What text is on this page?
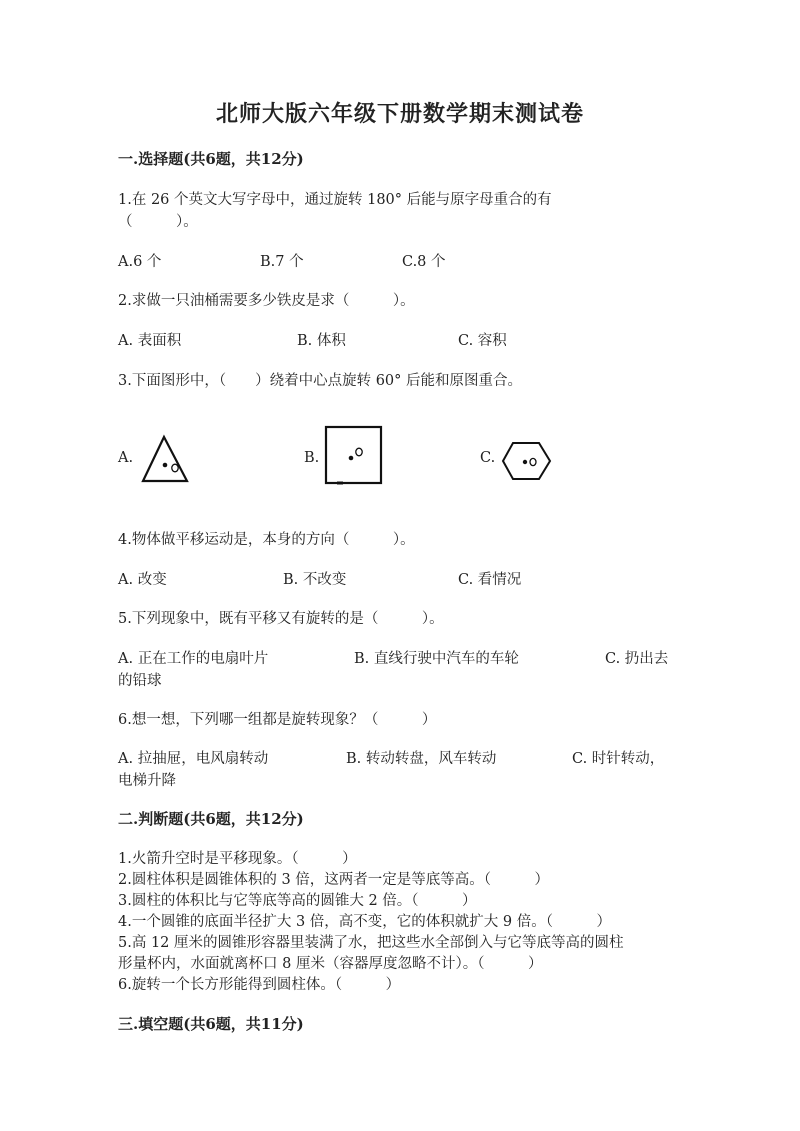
北师大版六年级下册数学期末测试卷
一.选择题(共6题，共12分)
1.在 26 个英文大写字母中，通过旋转 180° 后能与原字母重合的有
（　　　）。
A.6 个	B.7 个	C.8 个
2.求做一只油桶需要多少铁皮是求（　　　）。
A. 表面积	B. 体积	C. 容积
3.下面图形中，（　　）绕着中心点旋转 60° 后能和原图重合。
A.	B.	C.
4.物体做平移运动是，本身的方向（　　　）。
A. 改变	B. 不改变	C. 看情况
5.下列现象中，既有平移又有旋转的是（　　　）。
A. 正在工作的电扇叶片	B. 直线行驶中汽车的车轮	C. 扔出去
的铅球
6.想一想，下列哪一组都是旋转现象？（　　　）
A. 拉抽屉，电风扇转动	B. 转动转盘，风车转动	C. 时针转动，
电梯升降
二.判断题(共6题，共12分)
1.火箭升空时是平移现象。（　　　）
2.圆柱体积是圆锥体积的 3 倍，这两者一定是等底等高。（　　　）
3.圆柱的体积比与它等底等高的圆锥大 2 倍。（　　　）
4.一个圆锥的底面半径扩大 3 倍，高不变，它的体积就扩大 9 倍。（　　　）
5.高 12 厘米的圆锥形容器里装满了水，把这些水全部倒入与它等底等高的圆柱
形量杯内，水面就离杯口 8 厘米（容器厚度忽略不计）。（　　　）
6.旋转一个长方形能得到圆柱体。（　　　）
三.填空题(共6题，共11分)
